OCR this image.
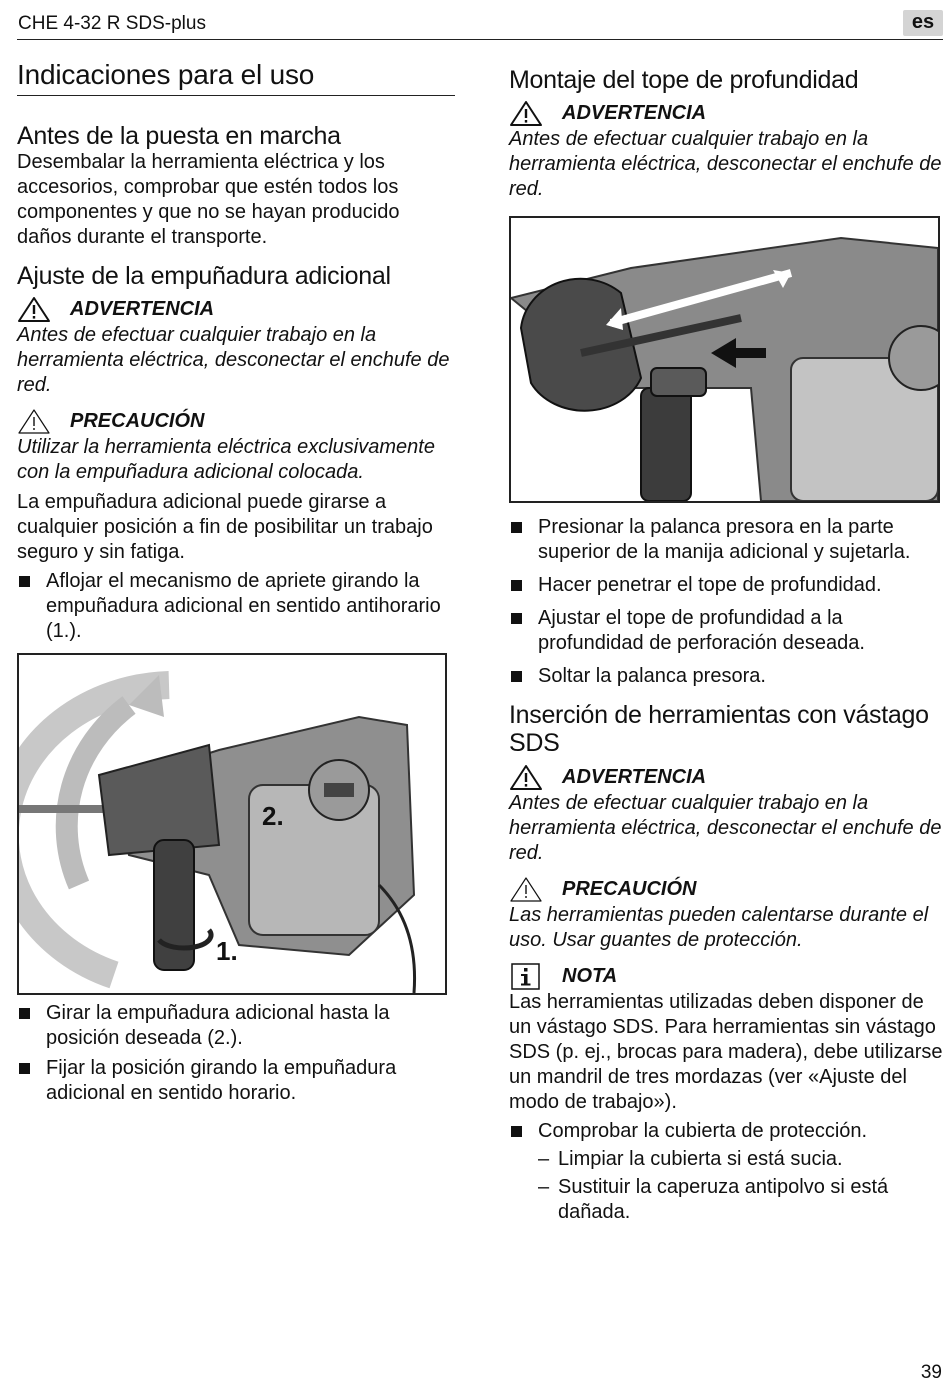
CHE 4-32 R SDS-plus	es
Indicaciones para el uso
Antes de la puesta en marcha

Desembalar la herramienta eléctrica y los accesorios, comprobar que estén todos los componentes y que no se hayan producido daños durante el transporte.

Ajuste de la empuñadura adicional
ADVERTENCIA

Antes de efectuar cualquier trabajo en la herramienta eléctrica, desconectar el enchufe de red.

PRECAUCIÓN

Utilizar la herramienta eléctrica exclusivamente con la empuñadura adicional colocada.

La empuñadura adicional puede girarse a cualquier posición a fin de posibilitar un trabajo seguro y sin fatiga.

Aflojar el mecanismo de apriete girando la empuñadura adicional en sentido antihorario (1.).
2.
1.
Girar la empuñadura adicional hasta la posición deseada (2.).
Fijar la posición girando la empuñadura adicional en sentido horario.
Montaje del tope de profundidad
ADVERTENCIA

Antes de efectuar cualquier trabajo en la herramienta eléctrica, desconectar el enchufe de red.

Presionar la palanca presora en la parte superior de la manija adicional y sujetarla.
Hacer penetrar el tope de profundidad.
Ajustar el tope de profundidad a la profundidad de perforación deseada.
Soltar la palanca presora.
Inserción de herramientas con vástago SDS
ADVERTENCIA

Antes de efectuar cualquier trabajo en la herramienta eléctrica, desconectar el enchufe de red.

PRECAUCIÓN

Las herramientas pueden calentarse durante el uso. Usar guantes de protección.

NOTA

Las herramientas utilizadas deben disponer de un vástago SDS. Para herramientas sin vástago SDS (p. ej., brocas para madera), debe utilizarse un mandril de tres mordazas (ver «Ajuste del modo de trabajo»).

Comprobar la cubierta de protección.
– Limpiar la cubierta si está sucia.
– Sustituir la caperuza antipolvo si está dañada.
39
